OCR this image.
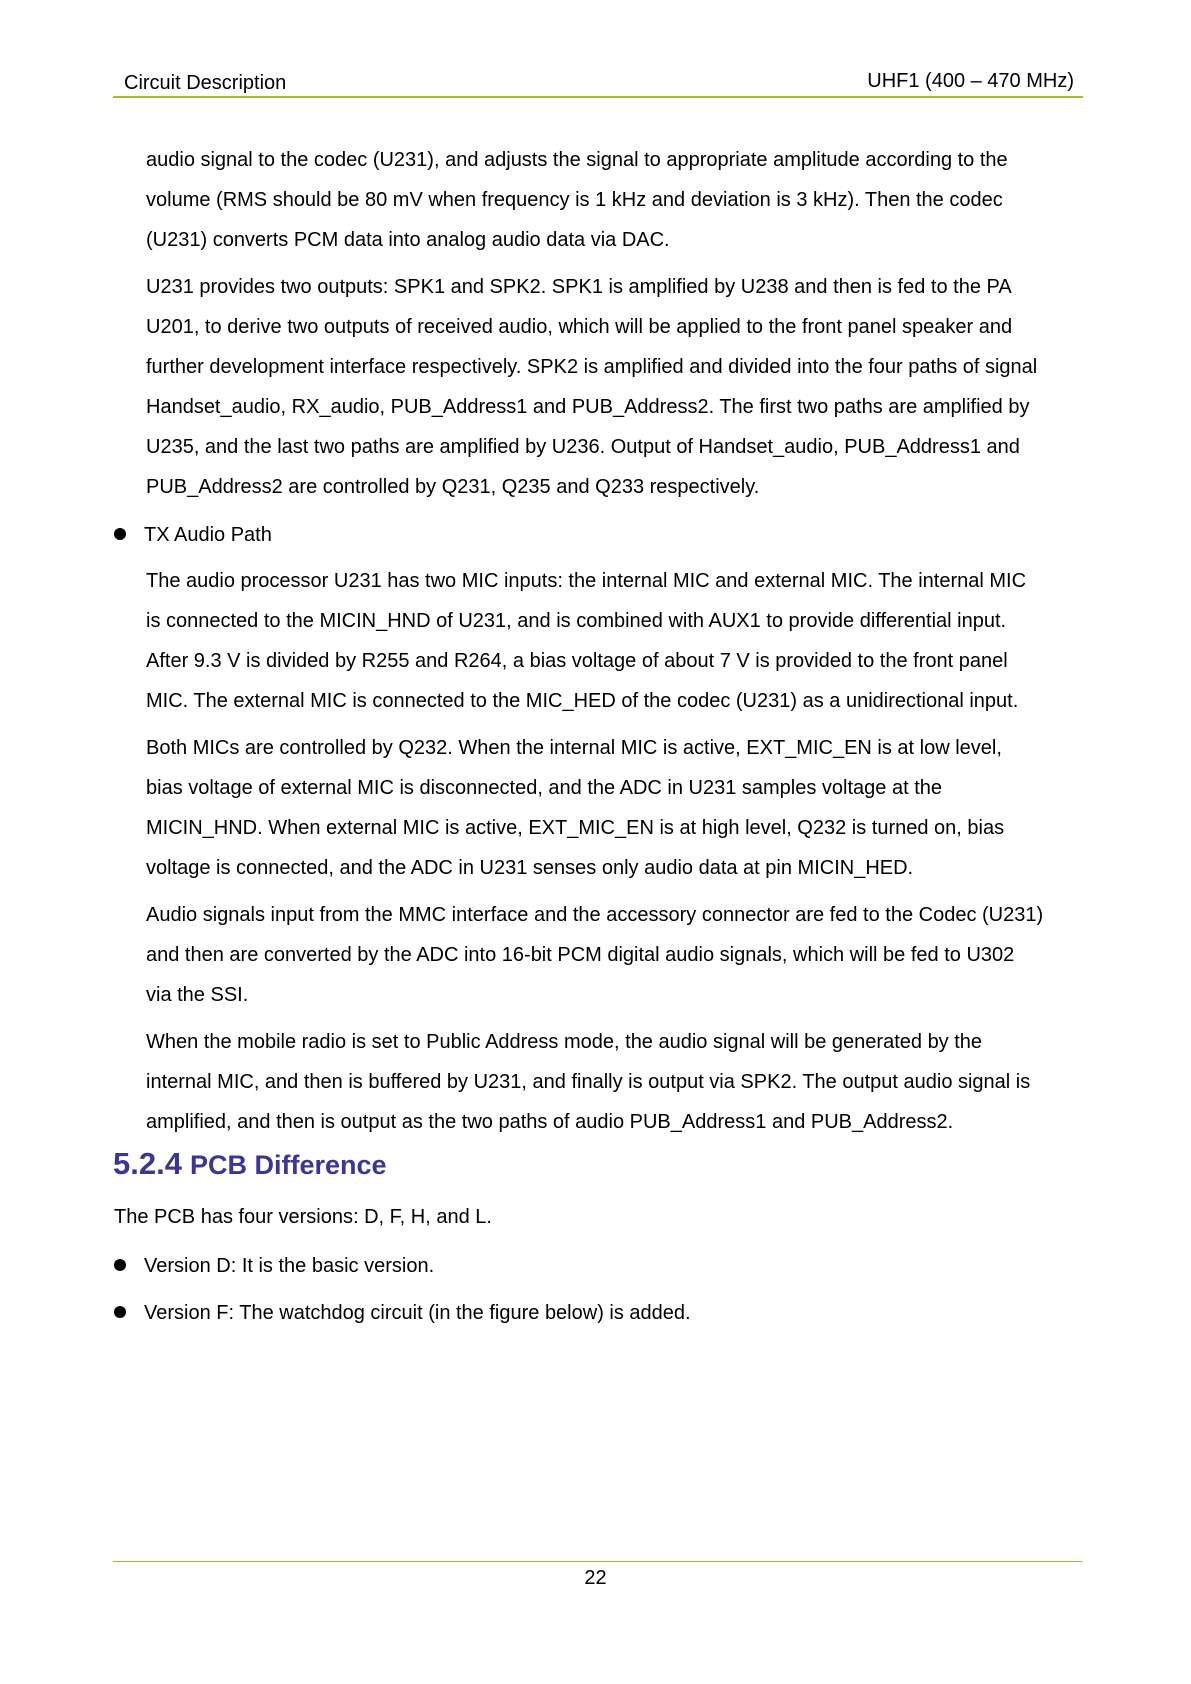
Circuit Description	UHF1 (400 – 470 MHz)
audio signal to the codec (U231), and adjusts the signal to appropriate amplitude according to the
volume (RMS should be 80 mV when frequency is 1 kHz and deviation is 3 kHz). Then the codec
(U231) converts PCM data into analog audio data via DAC.
U231 provides two outputs: SPK1 and SPK2. SPK1 is amplified by U238 and then is fed to the PA
U201, to derive two outputs of received audio, which will be applied to the front panel speaker and
further development interface respectively. SPK2 is amplified and divided into the four paths of signal
Handset_audio, RX_audio, PUB_Address1 and PUB_Address2. The first two paths are amplified by
U235, and the last two paths are amplified by U236. Output of Handset_audio, PUB_Address1 and
PUB_Address2 are controlled by Q231, Q235 and Q233 respectively.
TX Audio Path
The audio processor U231 has two MIC inputs: the internal MIC and external MIC. The internal MIC
is connected to the MICIN_HND of U231, and is combined with AUX1 to provide differential input.
After 9.3 V is divided by R255 and R264, a bias voltage of about 7 V is provided to the front panel
MIC. The external MIC is connected to the MIC_HED of the codec (U231) as a unidirectional input.
Both MICs are controlled by Q232. When the internal MIC is active, EXT_MIC_EN is at low level,
bias voltage of external MIC is disconnected, and the ADC in U231 samples voltage at the
MICIN_HND. When external MIC is active, EXT_MIC_EN is at high level, Q232 is turned on, bias
voltage is connected, and the ADC in U231 senses only audio data at pin MICIN_HED.
Audio signals input from the MMC interface and the accessory connector are fed to the Codec (U231)
and then are converted by the ADC into 16-bit PCM digital audio signals, which will be fed to U302
via the SSI.
When the mobile radio is set to Public Address mode, the audio signal will be generated by the
internal MIC, and then is buffered by U231, and finally is output via SPK2. The output audio signal is
amplified, and then is output as the two paths of audio PUB_Address1 and PUB_Address2.
5.2.4 PCB Difference
The PCB has four versions: D, F, H, and L.
Version D: It is the basic version.
Version F: The watchdog circuit (in the figure below) is added.
22
